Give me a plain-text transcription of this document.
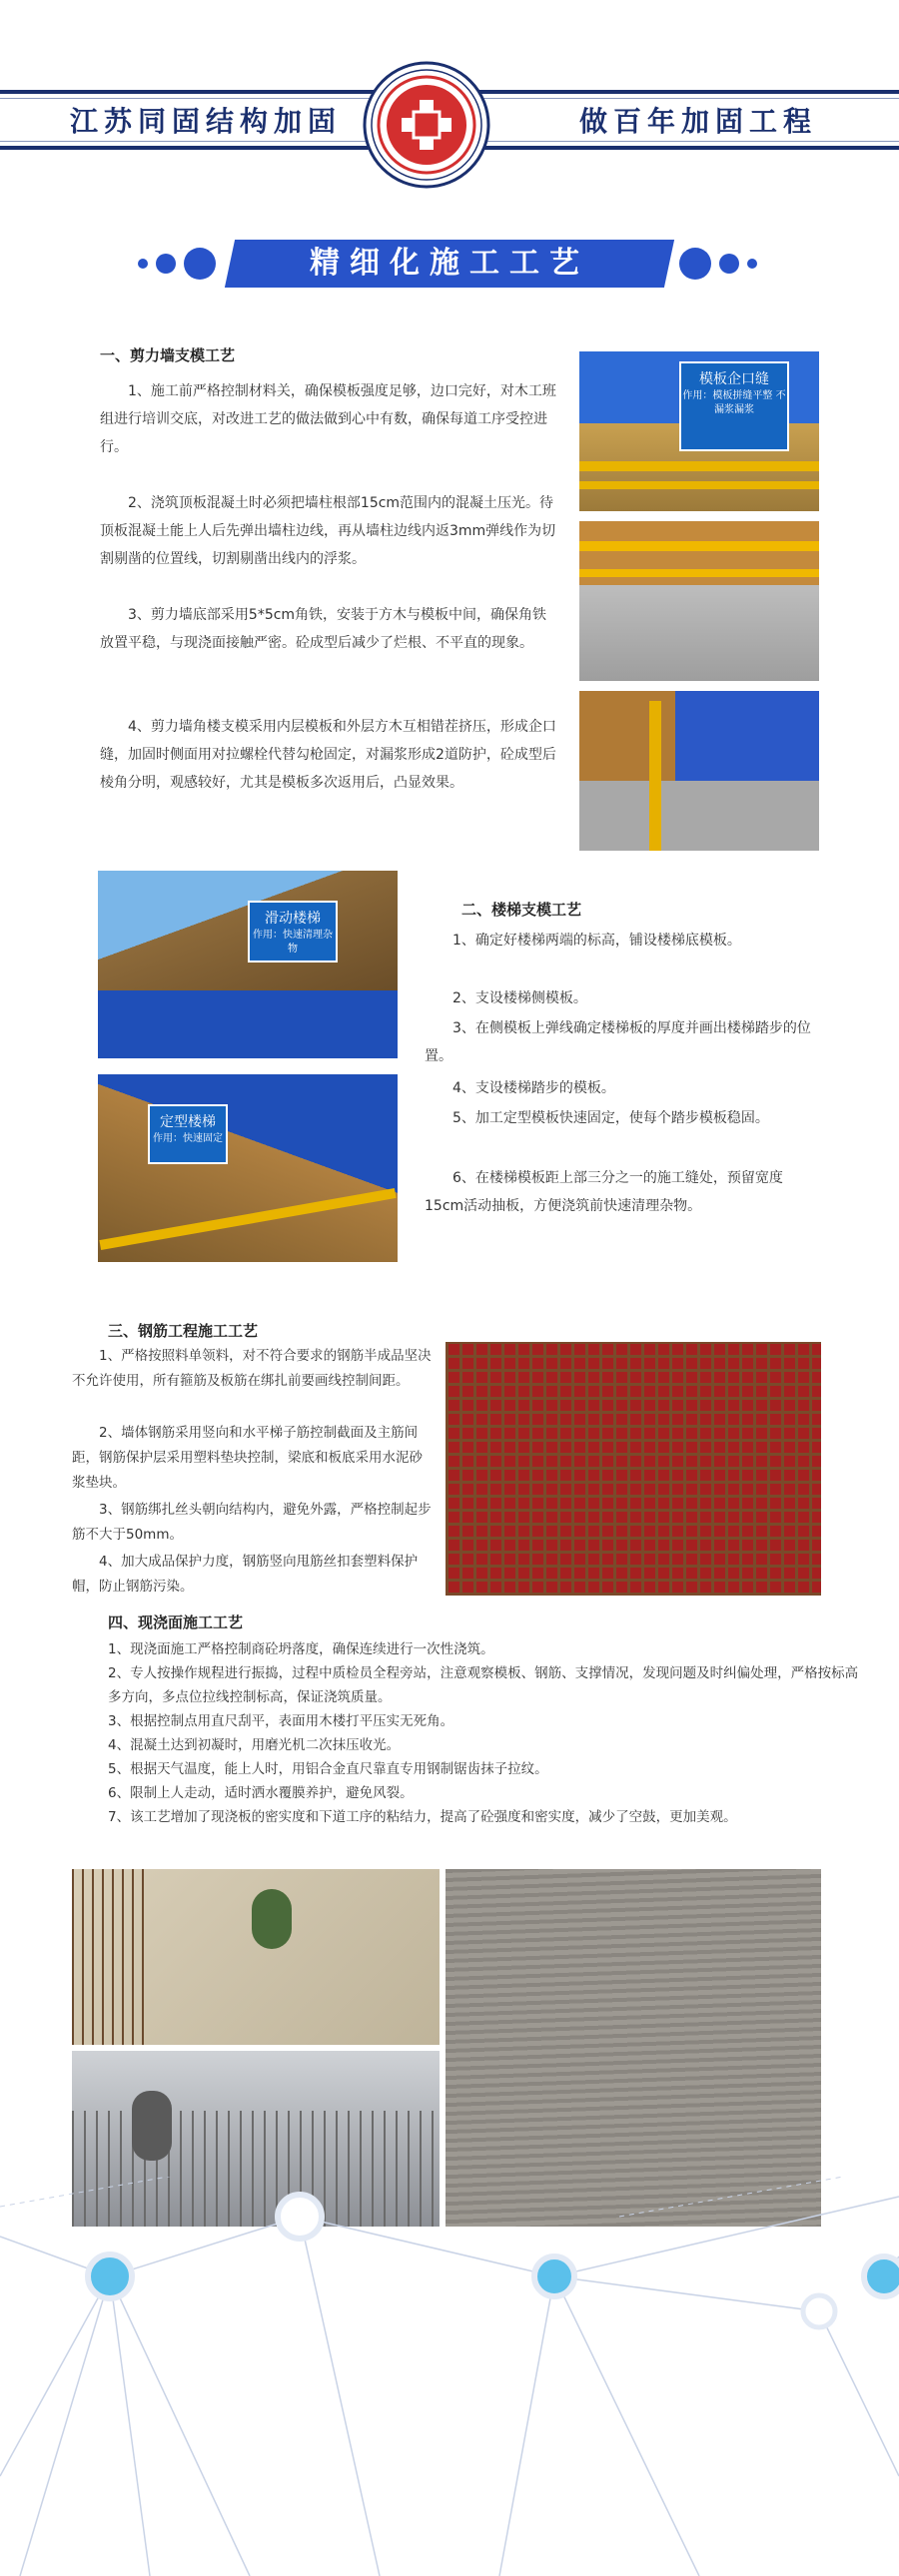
江苏同固结构加固	做百年加固工程
精细化施工工艺
一、剪力墙支模工艺

1、施工前严格控制材料关，确保模板强度足够，边口完好，对木工班组进行培训交底，对改进工艺的做法做到心中有数，确保每道工序受控进行。

2、浇筑顶板混凝土时必须把墙柱根部15cm范围内的混凝土压光。待顶板混凝土能上人后先弹出墙柱边线，再从墙柱边线内返3mm弹线作为切割剔凿的位置线，切割剔凿出线内的浮浆。

3、剪力墙底部采用5*5cm角铁，安装于方木与模板中间，确保角铁放置平稳，与现浇面接触严密。砼成型后减少了烂根、不平直的现象。

4、剪力墙角楼支模采用内层模板和外层方木互相错茬挤压，形成企口缝，加固时侧面用对拉螺栓代替勾枪固定，对漏浆形成2道防护，砼成型后棱角分明，观感较好，尤其是模板多次返用后，凸显效果。

模板企口缝
作用：模板拼缝平整 不漏浆漏浆
滑动楼梯
作用：快速清理杂物
定型楼梯
作用：快速固定
二、楼梯支模工艺

1、确定好楼梯两端的标高，铺设楼梯底模板。

2、支设楼梯侧模板。

3、在侧模板上弹线确定楼梯板的厚度并画出楼梯踏步的位置。

4、支设楼梯踏步的模板。

5、加工定型模板快速固定，使每个踏步模板稳固。

6、在楼梯模板距上部三分之一的施工缝处，预留宽度15cm活动抽板，方便浇筑前快速清理杂物。

三、钢筋工程施工工艺

1、严格按照料单领料，对不符合要求的钢筋半成品坚决不允许使用，所有箍筋及板筋在绑扎前要画线控制间距。

2、墙体钢筋采用竖向和水平梯子筋控制截面及主筋间距，钢筋保护层采用塑料垫块控制，梁底和板底采用水泥砂浆垫块。

3、钢筋绑扎丝头朝向结构内，避免外露，严格控制起步筋不大于50mm。

4、加大成品保护力度，钢筋竖向甩筋丝扣套塑料保护帽，防止钢筋污染。

四、现浇面施工工艺

1、现浇面施工严格控制商砼坍落度，确保连续进行一次性浇筑。

2、专人按操作规程进行振捣，过程中质检员全程旁站，注意观察模板、钢筋、支撑情况，发现问题及时纠偏处理，严格按标高多方向，多点位拉线控制标高，保证浇筑质量。

3、根据控制点用直尺刮平，表面用木楼打平压实无死角。

4、混凝土达到初凝时，用磨光机二次抹压收光。

5、根据天气温度，能上人时，用铝合金直尺靠直专用钢制锯齿抹子拉纹。

6、限制上人走动，适时洒水覆膜养护，避免风裂。

7、该工艺增加了现浇板的密实度和下道工序的粘结力，提高了砼强度和密实度，减少了空鼓，更加美观。
